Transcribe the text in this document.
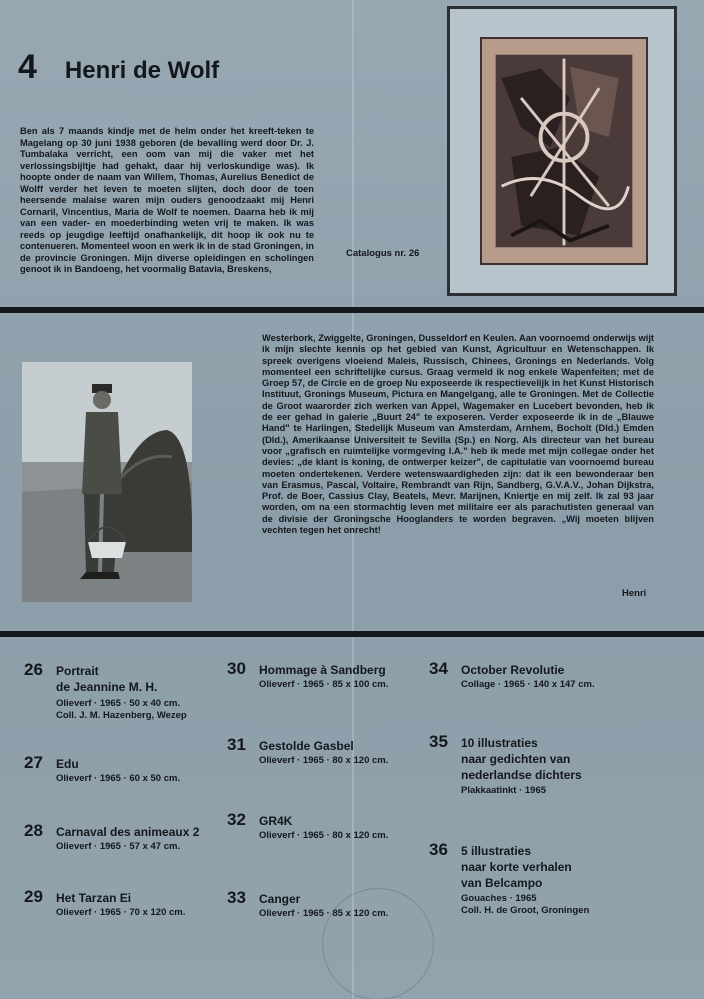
4 Henri de Wolf
Ben als 7 maands kindje met de helm onder het kreeft-teken te Magelang op 30 juni 1938 geboren (de bevalling werd door Dr. J. Tumbalaka verricht, een oom van mij die vaker met het verlossingsbijltje had gehakt, daar hij verloskundige was). Ik hoopte onder de naam van Willem, Thomas, Aurelius Benedict de Wolff verder het leven te moeten slijten, doch door de toen heersende malaise waren mijn ouders genoodzaakt mij Henri Cornaril, Vincentius, Maria de Wolf te noemen. Daarna heb ik mij van een vader- en moederbinding weten vrij te maken. Ik was reeds op jeugdige leeftijd onafhankelijk, dit hoop ik ook nu te contenueren. Momenteel woon en werk ik in de stad Groningen, in de provincie Groningen. Mijn diverse opleidingen en scholingen genoot ik in Bandoeng, het voormalig Batavia, Breskens,
Catalogus nr. 26
Westerbork, Zwiggelte, Groningen, Dusseldorf en Keulen. Aan voornoemd onderwijs wijt ik mijn slechte kennis op het gebied van Kunst, Agricultuur en Wetenschappen. Ik spreek overigens vloeiend Maleis, Russisch, Chinees, Gronings en Nederlands. Volg momenteel een schriftelijke cursus. Graag vermeld ik nog enkele Wapenfeiten; met de Groep 57, de Circle en de groep Nu exposeerde ik respectievelijk in het Kunst Historisch Instituut, Gronings Museum, Pictura en Mangelgang, alle te Groningen. Met de Collectie de Groot waarorder zich werken van Appel, Wagemaker en Lucebert bevonden, heb ik de eer gehad in galerie „Buurt 24" te exposeren. Verder exposeerde ik in de „Blauwe Hand" te Harlingen, Stedelijk Museum van Amsterdam, Arnhem, Bocholt (Dld.) Emden (Dld.), Amerikaanse Universiteit te Sevilla (Sp.) en Norg. Als directeur van het bureau voor „grafisch en ruimtelijke vormgeving I.A." heb ik mede met mijn collegae onder het devies: „de klant is koning, de ontwerper keizer", de capitulatie van voornoemd bureau moeten ondertekenen. Verdere wetenswaardigheden zijn: dat ik een bewonderaar ben van Erasmus, Pascal, Voltaire, Rembrandt van Rijn, Sandberg, G.V.A.V., Johan Dijkstra, Prof. de Boer, Cassius Clay, Beatels, Mevr. Marijnen, Kniertje en mij zelf. Ik zal 93 jaar worden, om na een stormachtig leven met militaire eer als parachutisten generaal van de divisie der Groningsche Hooglanders te worden begraven. „Wij moeten blijven vechten tegen het onrecht!
Henri
26 Portrait
de Jeannine M. H.
Olieverf · 1965 · 50 x 40 cm.
Coll. J. M. Hazenberg, Wezep
27 Edu
Olieverf · 1965 · 60 x 50 cm.
28 Carnaval des animeaux 2
Olieverf · 1965 · 57 x 47 cm.
29 Het Tarzan Ei
Olieverf · 1965 · 70 x 120 cm.
30 Hommage à Sandberg
Olieverf · 1965 · 85 x 100 cm.
31 Gestolde Gasbel
Olieverf · 1965 · 80 x 120 cm.
32 GR4K
Olieverf · 1965 · 80 x 120 cm.
33 Canger
Olieverf · 1965 · 85 x 120 cm.
34 October Revolutie
Collage · 1965 · 140 x 147 cm.
35 10 illustraties
naar gedichten van
nederlandse dichters
Plakkaatinkt · 1965
36 5 illustraties
naar korte verhalen
van Belcampo
Gouaches · 1965
Coll. H. de Groot, Groningen
